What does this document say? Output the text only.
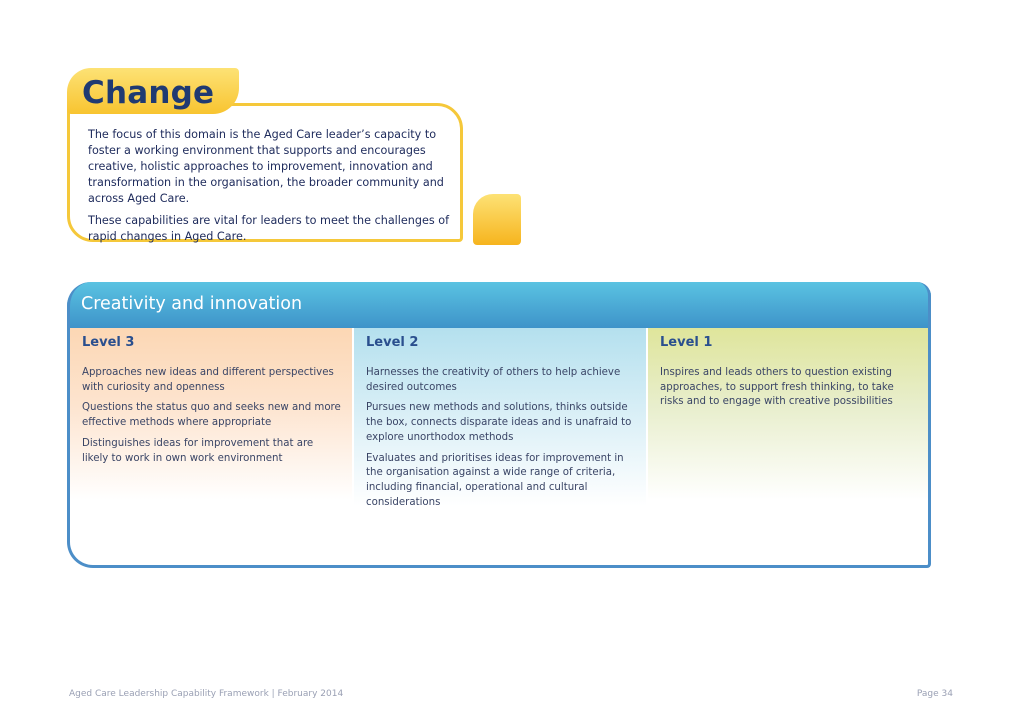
Change

The focus of this domain is the Aged Care leader’s capacity to foster a working environment that supports and encourages creative, holistic approaches to improvement, innovation and transformation in the organisation, the broader community and across Aged Care.

These capabilities are vital for leaders to meet the challenges of rapid changes in Aged Care.

Creativity and innovation
Level 3

Approaches new ideas and different perspectives with curiosity and openness

Questions the status quo and seeks new and more effective methods where appropriate

Distinguishes ideas for improvement that are likely to work in own work environment

Level 2

Harnesses the creativity of others to help achieve desired outcomes

Pursues new methods and solutions, thinks outside the box, connects disparate ideas and is unafraid to explore unorthodox methods

Evaluates and prioritises ideas for improvement in the organisation against a wide range of criteria, including financial, operational and cultural considerations

Level 1

Inspires and leads others to question existing approaches, to support fresh thinking, to take risks and to engage with creative possibilities

Aged Care Leadership Capability Framework | February 2014	Page 34
